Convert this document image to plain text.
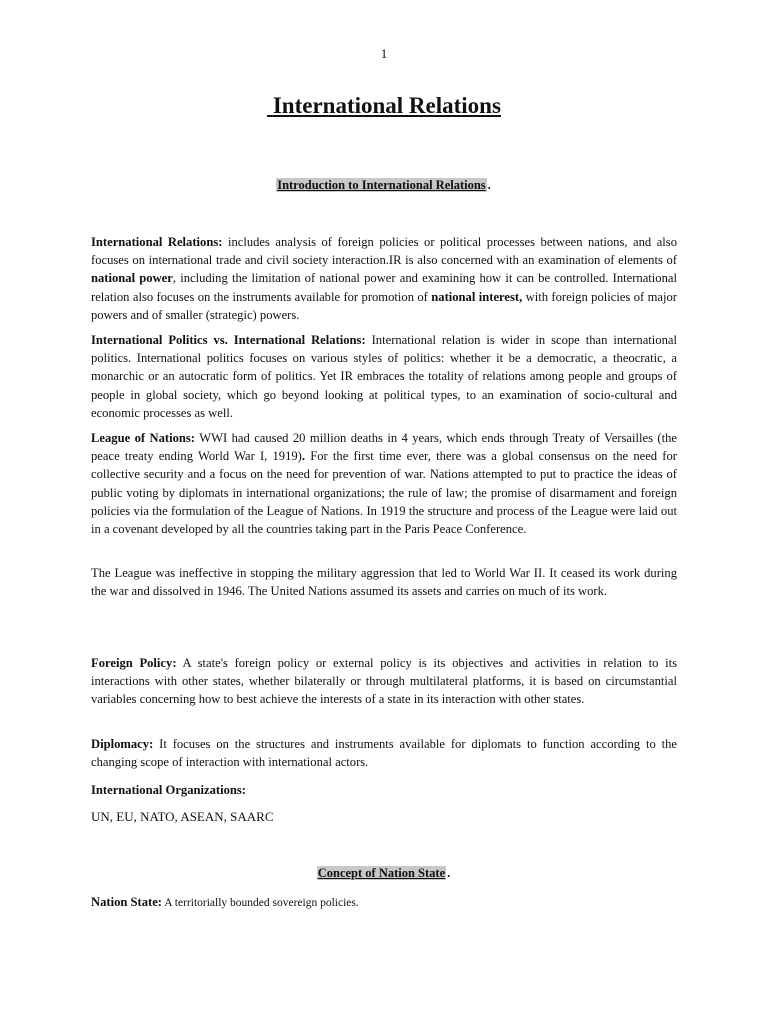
1
International Relations

Introduction to International Relations .

International Relations: includes analysis of foreign policies or political processes between nations, and also focuses on international trade and civil society interaction.IR is also concerned with an examination of elements of national power, including the limitation of national power and examining how it can be controlled. International relation also focuses on the instruments available for promotion of national interest, with foreign policies of major powers and of smaller (strategic) powers.

International Politics vs. International Relations: International relation is wider in scope than international politics. International politics focuses on various styles of politics: whether it be a democratic, a theocratic, a monarchic or an autocratic form of politics. Yet IR embraces the totality of relations among people and groups of people in global society, which go beyond looking at political types, to an examination of socio-cultural and economic processes as well.

League of Nations: WWI had caused 20 million deaths in 4 years, which ends through Treaty of Versailles (the peace treaty ending World War I, 1919). For the first time ever, there was a global consensus on the need for collective security and a focus on the need for prevention of war. Nations attempted to put to practice the ideas of public voting by diplomats in international organizations; the rule of law; the promise of disarmament and foreign policies via the formulation of the League of Nations. In 1919 the structure and process of the League were laid out in a covenant developed by all the countries taking part in the Paris Peace Conference.

The League was ineffective in stopping the military aggression that led to World War II. It ceased its work during the war and dissolved in 1946. The United Nations assumed its assets and carries on much of its work.

Foreign Policy: A state's foreign policy or external policy is its objectives and activities in relation to its interactions with other states, whether bilaterally or through multilateral platforms, it is based on circumstantial variables concerning how to best achieve the interests of a state in its interaction with other states.

Diplomacy: It focuses on the structures and instruments available for diplomats to function according to the changing scope of interaction with international actors.

International Organizations:

UN, EU, NATO, ASEAN, SAARC

Concept of Nation State .

Nation State: A territorially bounded sovereign policies.
